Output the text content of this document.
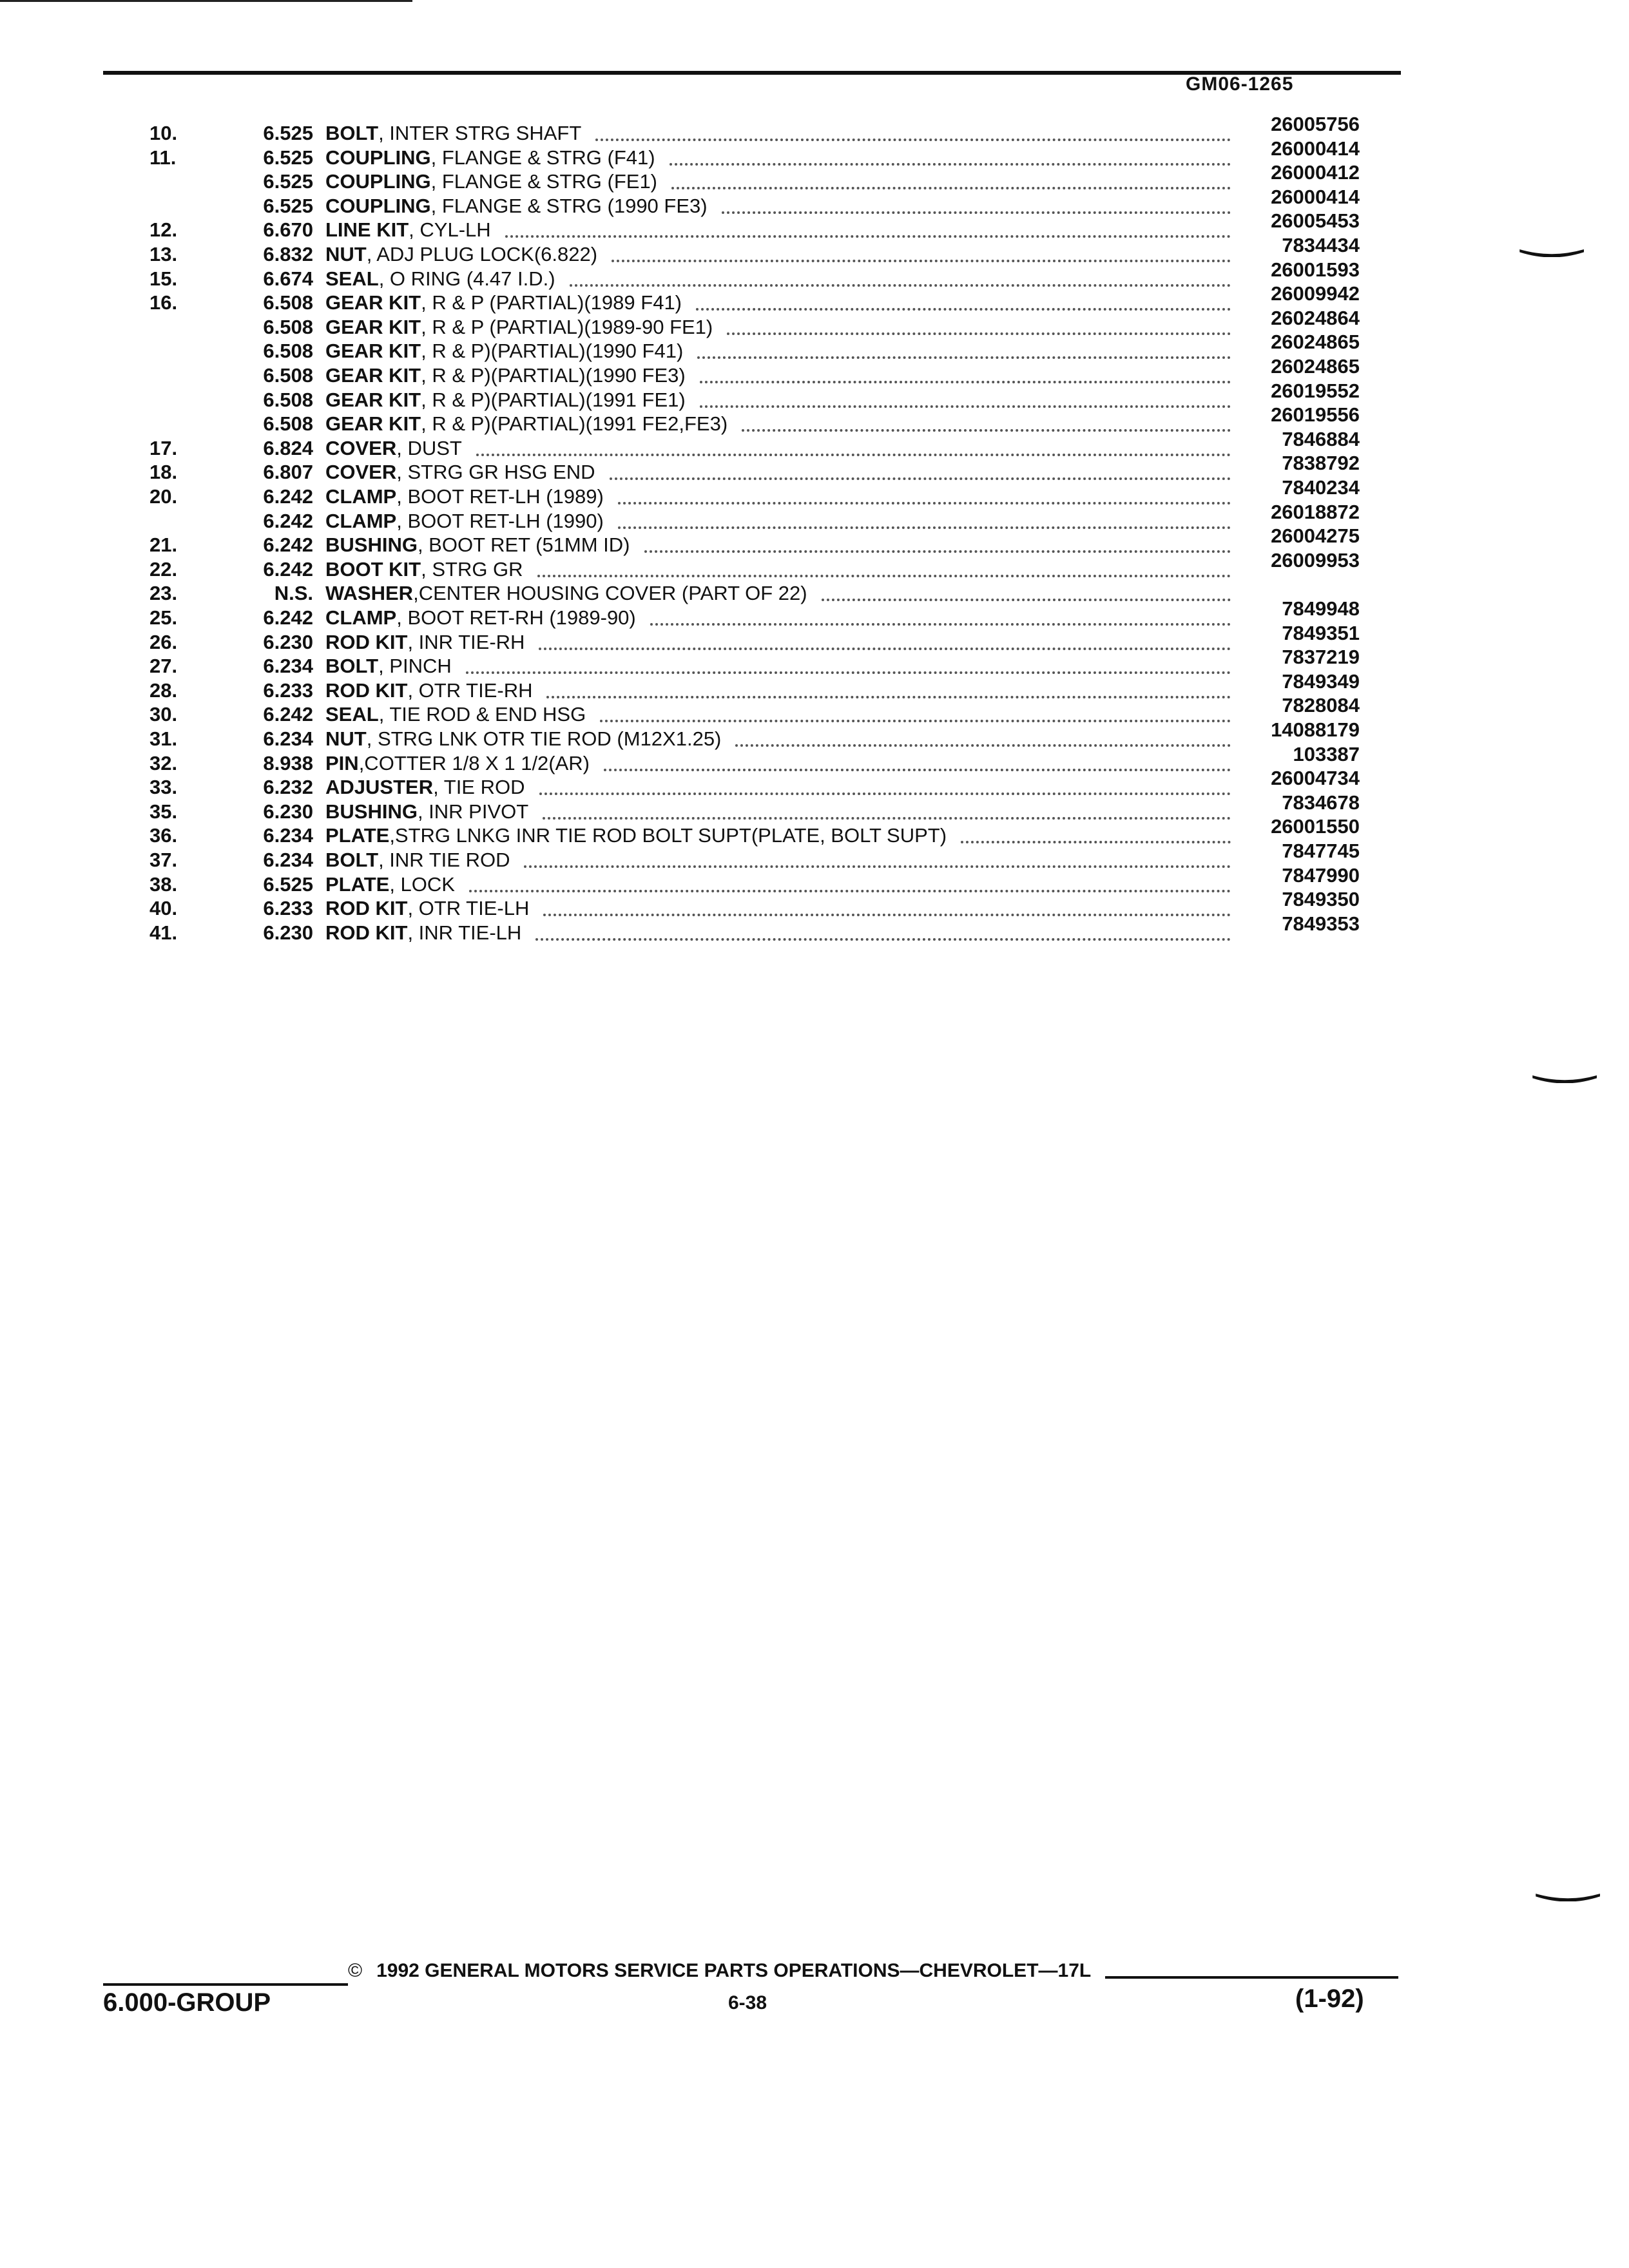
GM06-1265
10.	6.525 BOLT , INTER STRG SHAFT	26005756
11.	6.525 COUPLING , FLANGE & STRG (F41)	26000414
6.525 COUPLING , FLANGE & STRG (FE1)	26000412
6.525 COUPLING , FLANGE & STRG (1990 FE3)	26000414
12.	6.670 LINE KIT , CYL-LH	26005453
13.	6.832 NUT , ADJ PLUG LOCK(6.822)	7834434
15.	6.674 SEAL , O RING (4.47 I.D.)	26001593
16.	6.508 GEAR KIT , R & P (PARTIAL)(1989 F41)	26009942
6.508 GEAR KIT , R & P (PARTIAL)(1989-90 FE1)	26024864
6.508 GEAR KIT , R & P)(PARTIAL)(1990 F41)	26024865
6.508 GEAR KIT , R & P)(PARTIAL)(1990 FE3)	26024865
6.508 GEAR KIT , R & P)(PARTIAL)(1991 FE1)	26019552
6.508 GEAR KIT , R & P)(PARTIAL)(1991 FE2,FE3)	26019556
17.	6.824 COVER , DUST	7846884
18.	6.807 COVER , STRG GR HSG END	7838792
20.	6.242 CLAMP , BOOT RET-LH (1989)	7840234
6.242 CLAMP , BOOT RET-LH (1990)	26018872
21.	6.242 BUSHING , BOOT RET (51MM ID)	26004275
22.	6.242 BOOT KIT , STRG GR	26009953
23.	N.S. WASHER ,CENTER HOUSING COVER (PART OF 22)
25.	6.242 CLAMP , BOOT RET-RH (1989-90)	7849948
26.	6.230 ROD KIT , INR TIE-RH	7849351
27.	6.234 BOLT , PINCH	7837219
28.	6.233 ROD KIT , OTR TIE-RH	7849349
30.	6.242 SEAL , TIE ROD & END HSG	7828084
31.	6.234 NUT , STRG LNK OTR TIE ROD (M12X1.25)	14088179
32.	8.938 PIN ,COTTER 1/8 X 1 1/2(AR)	103387
33.	6.232 ADJUSTER , TIE ROD	26004734
35.	6.230 BUSHING , INR PIVOT	7834678
36.	6.234 PLATE ,STRG LNKG INR TIE ROD BOLT SUPT(PLATE, BOLT SUPT)	26001550
37.	6.234 BOLT , INR TIE ROD	7847745
38.	6.525 PLATE , LOCK	7847990
40.	6.233 ROD KIT , OTR TIE-LH	7849350
41.	6.230 ROD KIT , INR TIE-LH	7849353
‿
‿
‿
© 1992 GENERAL MOTORS SERVICE PARTS OPERATIONS—CHEVROLET—17L
6.000-GROUP	6-38	(1-92)
